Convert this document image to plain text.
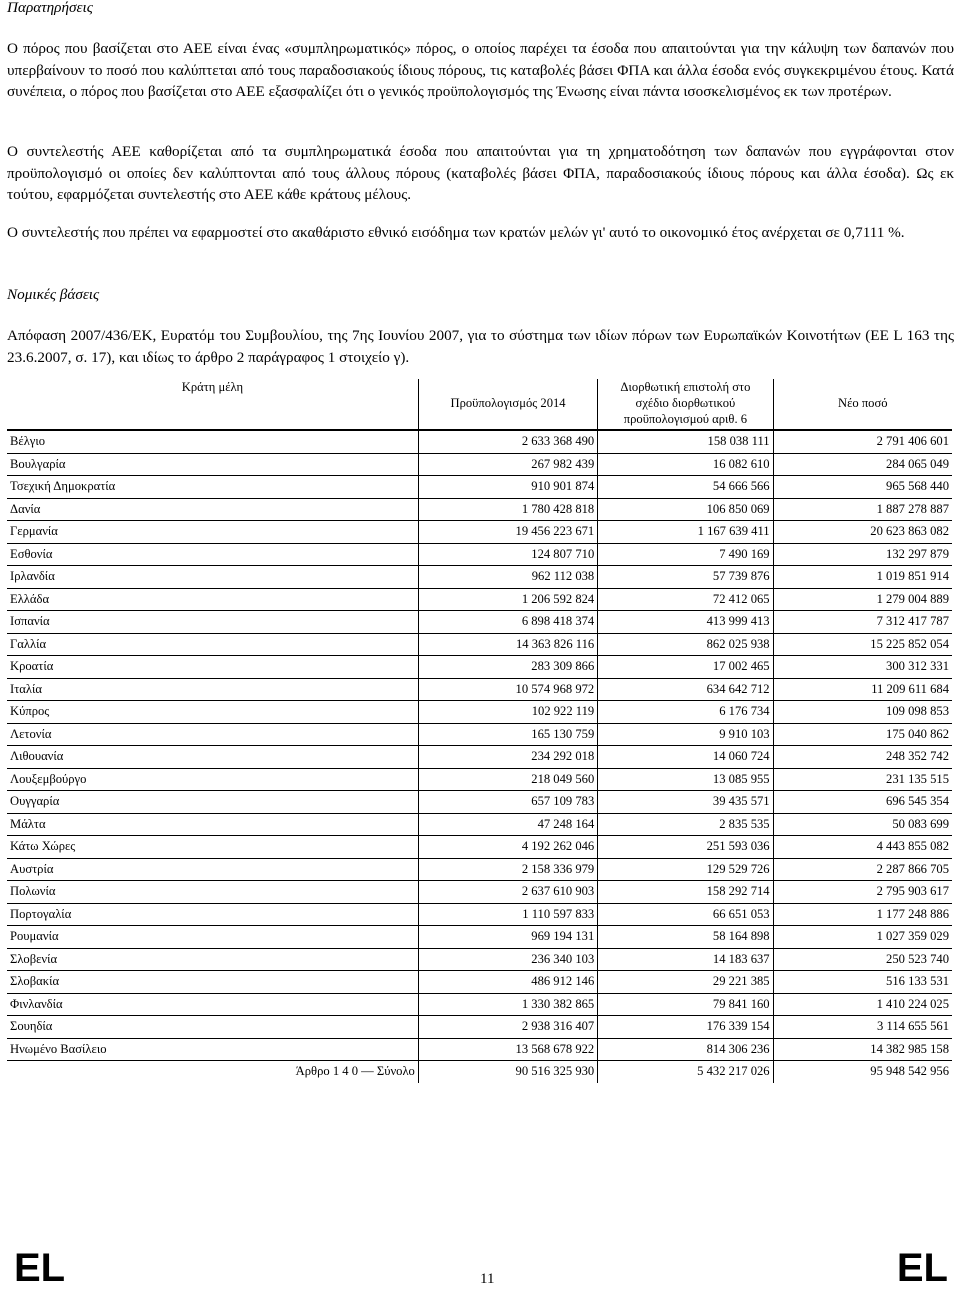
Παρατηρήσεις

Ο πόρος που βασίζεται στο ΑΕΕ είναι ένας «συμπληρωματικός» πόρος, ο οποίος παρέχει τα έσοδα που απαιτούνται για την κάλυψη των δαπανών που υπερβαίνουν το ποσό που καλύπτεται από τους παραδοσιακούς ίδιους πόρους, τις καταβολές βάσει ΦΠΑ και άλλα έσοδα ενός συγκεκριμένου έτους. Κατά συνέπεια, ο πόρος που βασίζεται στο ΑΕΕ εξασφαλίζει ότι ο γενικός προϋπολογισμός της Ένωσης είναι πάντα ισοσκελισμένος εκ των προτέρων.

Ο συντελεστής ΑΕΕ καθορίζεται από τα συμπληρωματικά έσοδα που απαιτούνται για τη χρηματοδότηση των δαπανών που εγγράφονται στον προϋπολογισμό οι οποίες δεν καλύπτονται από τους άλλους πόρους (καταβολές βάσει ΦΠΑ, παραδοσιακούς ίδιους πόρους και άλλα έσοδα). Ως εκ τούτου, εφαρμόζεται συντελεστής στο ΑΕΕ κάθε κράτους μέλους.

Ο συντελεστής που πρέπει να εφαρμοστεί στο ακαθάριστο εθνικό εισόδημα των κρατών μελών γι' αυτό το οικονομικό έτος ανέρχεται σε 0,7111 %.

Νομικές βάσεις

Απόφαση 2007/436/ΕΚ, Ευρατόμ του Συμβουλίου, της 7ης Ιουνίου 2007, για το σύστημα των ιδίων πόρων των Ευρωπαϊκών Κοινοτήτων (ΕΕ L 163 της 23.6.2007, σ. 17), και ιδίως το άρθρο 2 παράγραφος 1 στοιχείο γ).

Κράτη μέλη	Προϋπολογισμός 2014	Διορθωτική επιστολή στο
σχέδιο διορθωτικού
προϋπολογισμού αριθ. 6	Νέο ποσό
Βέλγιο	2 633 368 490	158 038 111	2 791 406 601
Βουλγαρία	267 982 439	16 082 610	284 065 049
Τσεχική Δημοκρατία	910 901 874	54 666 566	965 568 440
Δανία	1 780 428 818	106 850 069	1 887 278 887
Γερμανία	19 456 223 671	1 167 639 411	20 623 863 082
Εσθονία	124 807 710	7 490 169	132 297 879
Ιρλανδία	962 112 038	57 739 876	1 019 851 914
Ελλάδα	1 206 592 824	72 412 065	1 279 004 889
Ισπανία	6 898 418 374	413 999 413	7 312 417 787
Γαλλία	14 363 826 116	862 025 938	15 225 852 054
Κροατία	283 309 866	17 002 465	300 312 331
Ιταλία	10 574 968 972	634 642 712	11 209 611 684
Κύπρος	102 922 119	6 176 734	109 098 853
Λετονία	165 130 759	9 910 103	175 040 862
Λιθουανία	234 292 018	14 060 724	248 352 742
Λουξεμβούργο	218 049 560	13 085 955	231 135 515
Ουγγαρία	657 109 783	39 435 571	696 545 354
Μάλτα	47 248 164	2 835 535	50 083 699
Κάτω Χώρες	4 192 262 046	251 593 036	4 443 855 082
Αυστρία	2 158 336 979	129 529 726	2 287 866 705
Πολωνία	2 637 610 903	158 292 714	2 795 903 617
Πορτογαλία	1 110 597 833	66 651 053	1 177 248 886
Ρουμανία	969 194 131	58 164 898	1 027 359 029
Σλοβενία	236 340 103	14 183 637	250 523 740
Σλοβακία	486 912 146	29 221 385	516 133 531
Φινλανδία	1 330 382 865	79 841 160	1 410 224 025
Σουηδία	2 938 316 407	176 339 154	3 114 655 561
Ηνωμένο Βασίλειο	13 568 678 922	814 306 236	14 382 985 158
Άρθρο 1 4 0 — Σύνολο	90 516 325 930	5 432 217 026	95 948 542 956
EL	11	EL
